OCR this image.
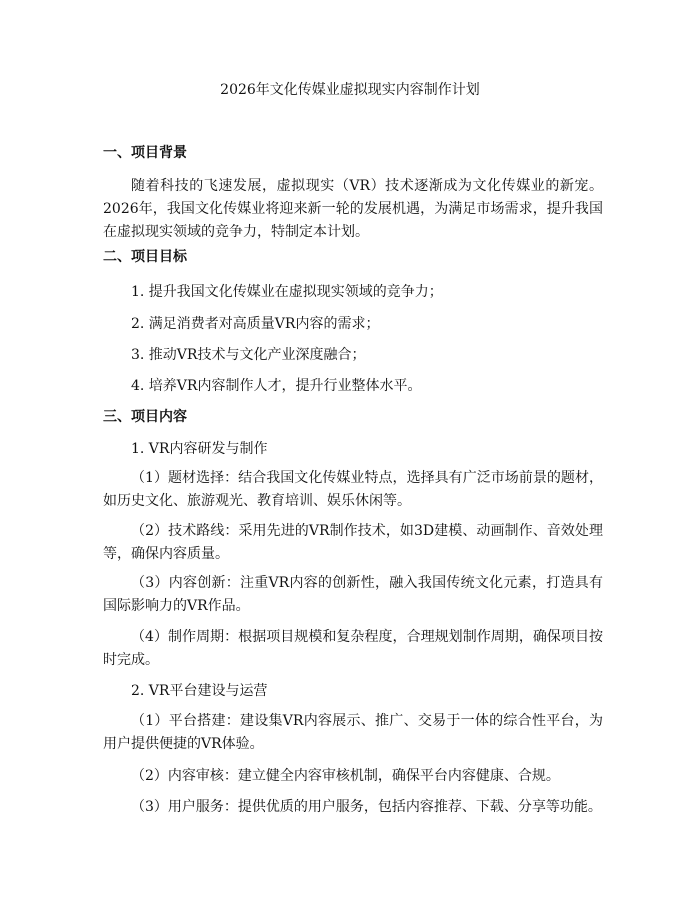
2026年文化传媒业虚拟现实内容制作计划
一、项目背景
随着科技的飞速发展，虚拟现实（VR）技术逐渐成为文化传媒业的新宠。2026年，我国文化传媒业将迎来新一轮的发展机遇，为满足市场需求，提升我国在虚拟现实领域的竞争力，特制定本计划。
二、项目目标
1. 提升我国文化传媒业在虚拟现实领域的竞争力；
2. 满足消费者对高质量VR内容的需求；
3. 推动VR技术与文化产业深度融合；
4. 培养VR内容制作人才，提升行业整体水平。
三、项目内容
1. VR内容研发与制作
（1）题材选择：结合我国文化传媒业特点，选择具有广泛市场前景的题材，如历史文化、旅游观光、教育培训、娱乐休闲等。
（2）技术路线：采用先进的VR制作技术，如3D建模、动画制作、音效处理等，确保内容质量。
（3）内容创新：注重VR内容的创新性，融入我国传统文化元素，打造具有国际影响力的VR作品。
（4）制作周期：根据项目规模和复杂程度，合理规划制作周期，确保项目按时完成。
2. VR平台建设与运营
（1）平台搭建：建设集VR内容展示、推广、交易于一体的综合性平台，为用户提供便捷的VR体验。
（2）内容审核：建立健全内容审核机制，确保平台内容健康、合规。
（3）用户服务：提供优质的用户服务，包括内容推荐、下载、分享等功能。
